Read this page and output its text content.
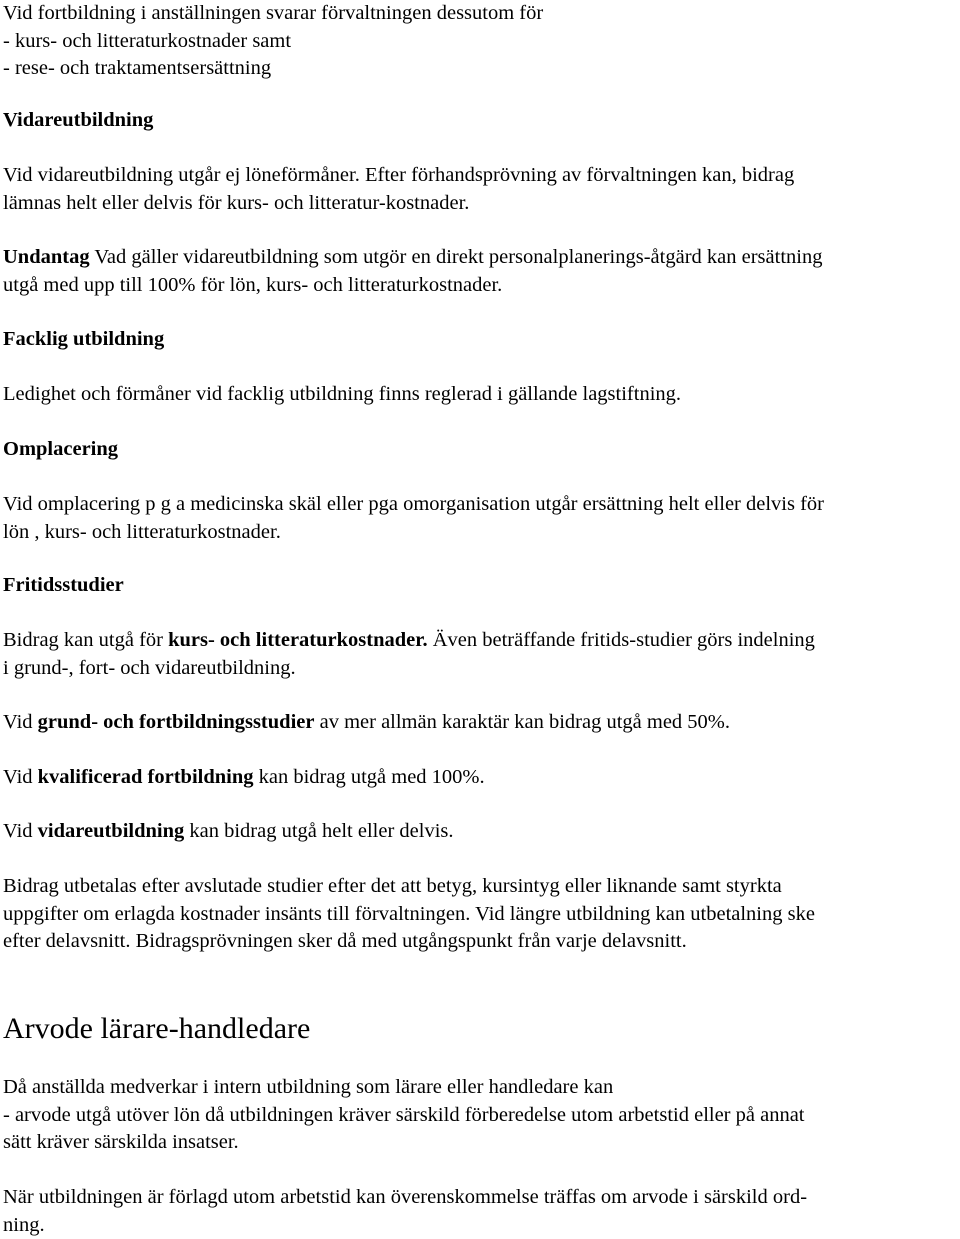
Vid fortbildning i anställningen svarar förvaltningen dessutom för
- kurs- och litteraturkostnader samt
- rese- och traktamentsersättning

Vidareutbildning

Vid vidareutbildning utgår ej löneförmåner. Efter förhandsprövning av förvaltningen kan, bidrag
lämnas helt eller delvis för kurs- och litteratur-kostnader.

Undantag Vad gäller vidareutbildning som utgör en direkt personalplanerings-åtgärd kan ersättning
utgå med upp till 100% för lön, kurs- och litteraturkostnader.

Facklig utbildning

Ledighet och förmåner vid facklig utbildning finns reglerad i gällande lagstiftning.

Omplacering

Vid omplacering p g a medicinska skäl eller pga omorganisation utgår ersättning helt eller delvis för
lön , kurs- och litteraturkostnader.

Fritidsstudier

Bidrag kan utgå för kurs- och litteraturkostnader. Även beträffande fritids-studier görs indelning
i grund-, fort- och vidareutbildning.

Vid grund- och fortbildningsstudier av mer allmän karaktär kan bidrag utgå med 50%.

Vid kvalificerad fortbildning kan bidrag utgå med 100%.

Vid vidareutbildning kan bidrag utgå helt eller delvis.

Bidrag utbetalas efter avslutade studier efter det att betyg, kursintyg eller liknande samt styrkta
uppgifter om erlagda kostnader insänts till förvaltningen. Vid längre utbildning kan utbetalning ske
efter delavsnitt. Bidragsprövningen sker då med utgångspunkt från varje delavsnitt.

Arvode lärare-handledare

Då anställda medverkar i intern utbildning som lärare eller handledare kan
- arvode utgå utöver lön då utbildningen kräver särskild förberedelse utom arbetstid eller på annat
sätt kräver särskilda insatser.

När utbildningen är förlagd utom arbetstid kan överenskommelse träffas om arvode i särskild ord-
ning.
